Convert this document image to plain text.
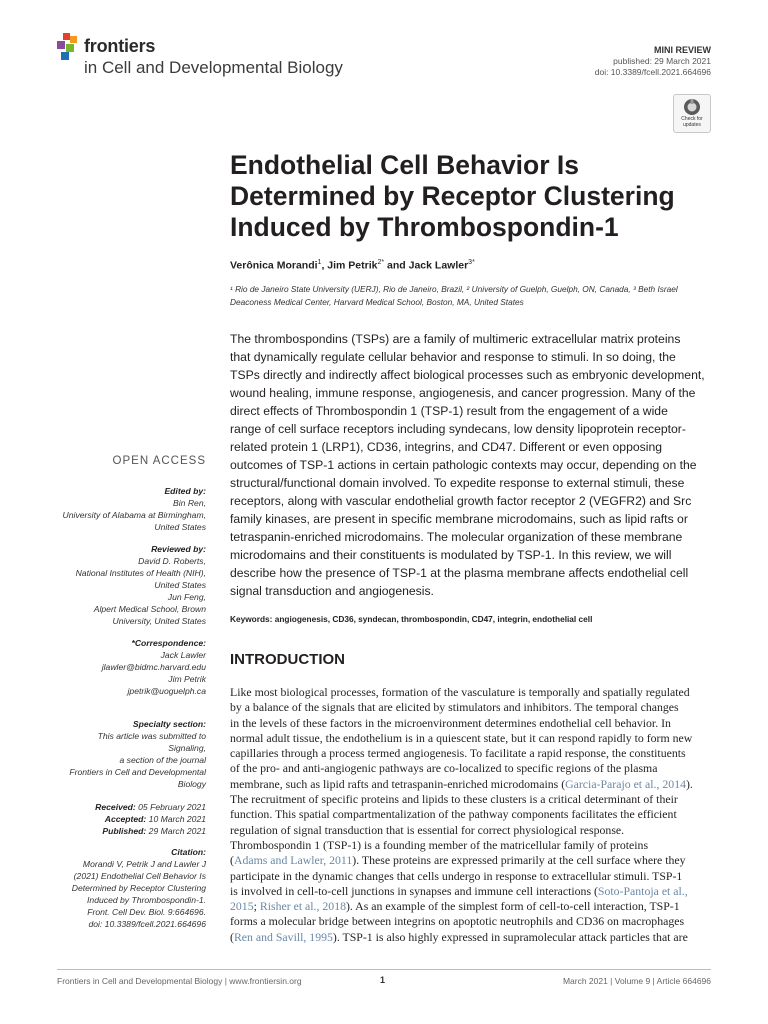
frontiers
in Cell and Developmental Biology
MINI REVIEW
published: 29 March 2021
doi: 10.3389/fcell.2021.664696
Check for updates
Endothelial Cell Behavior Is
Determined by Receptor Clustering
Induced by Thrombospondin-1
Verônica Morandi$^1$, Jim Petrik$^{2*}$ and Jack Lawler$^{3*}$
¹ Rio de Janeiro State University (UERJ), Rio de Janeiro, Brazil, ² University of Guelph, Guelph, ON, Canada, ³ Beth Israel
Deaconess Medical Center, Harvard Medical School, Boston, MA, United States
The thrombospondins (TSPs) are a family of multimeric extracellular matrix proteins
that dynamically regulate cellular behavior and response to stimuli. In so doing, the
TSPs directly and indirectly affect biological processes such as embryonic development,
wound healing, immune response, angiogenesis, and cancer progression. Many of the
direct effects of Thrombospondin 1 (TSP-1) result from the engagement of a wide
range of cell surface receptors including syndecans, low density lipoprotein receptor-
related protein 1 (LRP1), CD36, integrins, and CD47. Different or even opposing
outcomes of TSP-1 actions in certain pathologic contexts may occur, depending on the
structural/functional domain involved. To expedite response to external stimuli, these
receptors, along with vascular endothelial growth factor receptor 2 (VEGFR2) and Src
family kinases, are present in specific membrane microdomains, such as lipid rafts or
tetraspanin-enriched microdomains. The molecular organization of these membrane
microdomains and their constituents is modulated by TSP-1. In this review, we will
describe how the presence of TSP-1 at the plasma membrane affects endothelial cell
signal transduction and angiogenesis.
Keywords: angiogenesis, CD36, syndecan, thrombospondin, CD47, integrin, endothelial cell
INTRODUCTION
Like most biological processes, formation of the vasculature is temporally and spatially regulated
by a balance of the signals that are elicited by stimulators and inhibitors. The temporal changes
in the levels of these factors in the microenvironment determines endothelial cell behavior. In
normal adult tissue, the endothelium is in a quiescent state, but it can respond rapidly to form new
capillaries through a process termed angiogenesis. To facilitate a rapid response, the constituents
of the pro- and anti-angiogenic pathways are co-localized to specific regions of the plasma
membrane, such as lipid rafts and tetraspanin-enriched microdomains (Garcia-Parajo et al., 2014).
The recruitment of specific proteins and lipids to these clusters is a critical determinant of their
function. This spatial compartmentalization of the pathway components facilitates the efficient
regulation of signal transduction that is essential for correct physiological response.
Thrombospondin 1 (TSP-1) is a founding member of the matricellular family of proteins
(Adams and Lawler, 2011). These proteins are expressed primarily at the cell surface where they
participate in the dynamic changes that cells undergo in response to extracellular stimuli. TSP-1
is involved in cell-to-cell junctions in synapses and immune cell interactions (Soto-Pantoja et al.,
2015; Risher et al., 2018). As an example of the simplest form of cell-to-cell interaction, TSP-1
forms a molecular bridge between integrins on apoptotic neutrophils and CD36 on macrophages
(Ren and Savill, 1995). TSP-1 is also highly expressed in supramolecular attack particles that are
OPEN ACCESS
Edited by:
Bin Ren,
University of Alabama at Birmingham,
United States
Reviewed by:
David D. Roberts,
National Institutes of Health (NIH),
United States
Jun Feng,
Alpert Medical School, Brown
University, United States
*Correspondence:
Jack Lawler
jlawler@bidmc.harvard.edu
Jim Petrik
jpetrik@uoguelph.ca
Specialty section:
This article was submitted to
Signaling,
a section of the journal
Frontiers in Cell and Developmental
Biology
Received: 05 February 2021
Accepted: 10 March 2021
Published: 29 March 2021
Citation:
Morandi V, Petrik J and Lawler J
(2021) Endothelial Cell Behavior Is
Determined by Receptor Clustering
Induced by Thrombospondin-1.
Front. Cell Dev. Biol. 9:664696.
doi: 10.3389/fcell.2021.664696
Frontiers in Cell and Developmental Biology | www.frontiersin.org	1	March 2021 | Volume 9 | Article 664696
